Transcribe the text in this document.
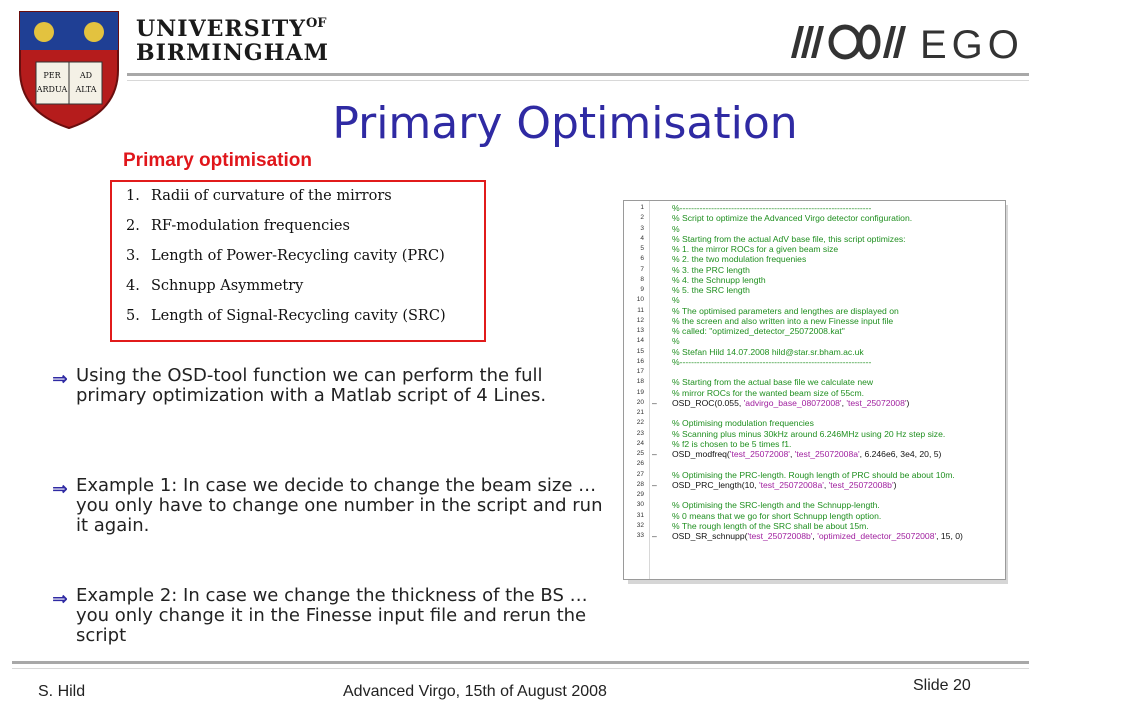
PER
ARDUA
AD
ALTA
$UNIVERSITY^{OF}$
BIRMINGHAM	EGO
Primary Optimisation
Primary optimisation
1. Radii of curvature of the mirrors
2. RF-modulation frequencies
3. Length of Power-Recycling cavity (PRC)
4. Schnupp Asymmetry
5. Length of Signal-Recycling cavity (SRC)
⇒ Using the OSD-tool function we can perform the full primary optimization with a Matlab script of 4 Lines.
⇒ Example 1: In case we decide to change the beam size … you only have to change one number in the script and run it again.
⇒ Example 2: In case we change the thickness of the BS … you only change it in the Finesse input file and rerun the script
1	%-------------------------------------------------------------------
2	% Script to optimize the Advanced Virgo detector configuration.
3	%
4	% Starting from the actual AdV base file, this script optimizes:
5	% 1. the mirror ROCs for a given beam size
6	% 2. the two modulation frequenies
7	% 3. the PRC length
8	% 4. the Schnupp length
9	% 5. the SRC length
10	%
11	% The optimised parameters and lengthes are displayed on
12	% the screen and also written into a new Finesse input file
13	% called: "optimized_detector_25072008.kat"
14	%
15	% Stefan Hild 14.07.2008 hild@star.sr.bham.ac.uk
16	%-------------------------------------------------------------------
17
18	% Starting from the actual base file we calculate new
19	% mirror ROCs for the wanted beam size of 55cm.
20 – OSD_ROC(0.055, 'advirgo_base_08072008', 'test_25072008')
21
22	% Optimising modulation frequencies
23	% Scanning plus minus 30kHz around 6.246MHz using 20 Hz step size.
24	% f2 is chosen to be 5 times f1.
25 – OSD_modfreq('test_25072008', 'test_25072008a', 6.246e6, 3e4, 20, 5)
26
27	% Optimising the PRC-length. Rough length of PRC should be about 10m.
28 – OSD_PRC_length(10, 'test_25072008a', 'test_25072008b')
29
30	% Optimising the SRC-length and the Schnupp-length.
31	% 0 means that we go for short Schnupp length option.
32	% The rough length of the SRC shall be about 15m.
33 – OSD_SR_schnupp('test_25072008b', 'optimized_detector_25072008', 15, 0)
S. Hild	Advanced Virgo, 15th of August 2008	Slide 20
